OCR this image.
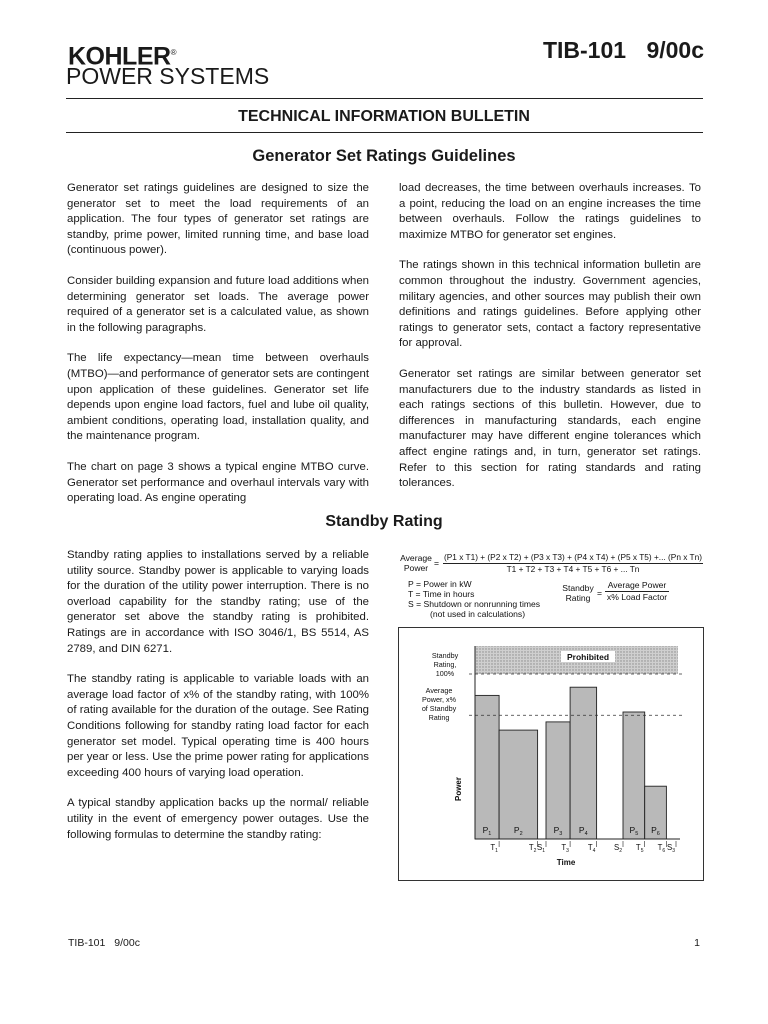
KOHLER®
POWER SYSTEMS
TIB-101 9/00c
TECHNICAL INFORMATION BULLETIN
Generator Set Ratings Guidelines

Generator set ratings guidelines are designed to size the generator set to meet the load requirements of an application. The four types of generator set ratings are standby, prime power, limited running time, and base load (continuous power).

Consider building expansion and future load additions when determining generator set loads. The average power required of a generator set is a calculated value, as shown in the following paragraphs.

The life expectancy—mean time between overhauls (MTBO)—and performance of generator sets are contingent upon application of these guidelines. Generator set life depends upon engine load factors, fuel and lube oil quality, ambient conditions, operating load, installation quality, and the maintenance program.

The chart on page 3 shows a typical engine MTBO curve. Generator set performance and overhaul intervals vary with operating load. As engine operating

load decreases, the time between overhauls increases. To a point, reducing the load on an engine increases the time between overhauls. Follow the ratings guidelines to maximize MTBO for generator set engines.

The ratings shown in this technical information bulletin are common throughout the industry. Government agencies, military agencies, and other sources may publish their own definitions and ratings guidelines. Before applying other ratings to generator sets, contact a factory representative for approval.

Generator set ratings are similar between generator set manufacturers due to the industry standards as listed in each ratings sections of this bulletin. However, due to differences in manufacturing standards, each engine manufacturer may have different engine tolerances which affect engine ratings and, in turn, generator set ratings. Refer to this section for rating standards and rating tolerances.

Standby Rating

Standby rating applies to installations served by a reliable utility source. Standby power is applicable to varying loads for the duration of the utility power interruption. There is no overload capability for the standby rating; use of the generator set above the standby rating is prohibited. Ratings are in accordance with ISO 3046/1, BS 5514, AS 2789, and DIN 6271.

The standby rating is applicable to variable loads with an average load factor of x% of the standby rating, with 100% of rating available for the duration of the outage. See Rating Conditions following for standby rating load factor for each generator set model. Typical operating time is 400 hours per year or less. Use the prime power rating for applications exceeding 400 hours of varying load operation.

A typical standby application backs up the normal/ reliable utility in the event of emergency power outages. Use the following formulas to determine the standby rating:

Average
Power =
(P1 x T1) + (P2 x T2) + (P3 x T3) + (P4 x T4) + (P5 x T5) +... (Pn x Tn)
T1 + T2 + T3 + T4 + T5 + T6 + ... Tn
P = Power in kW
T = Time in hours
S = Shutdown or nonrunning times
(not used in calculations)
Standby
Rating =
Average Power
x% Load Factor
Prohibited
$P_1$	$P_2$	$P_3$ $P_4$	$P_5$ $P_6$
Standby
Rating,
100%
Average
Power, x%
of Standby
Rating
Power
$T_1$	$T_2$ $S_1$ $T_3$ $T_4$ $S_2$ $T_5$ $T_6$ $S_3$
Time
TIB-101 9/00c	1
